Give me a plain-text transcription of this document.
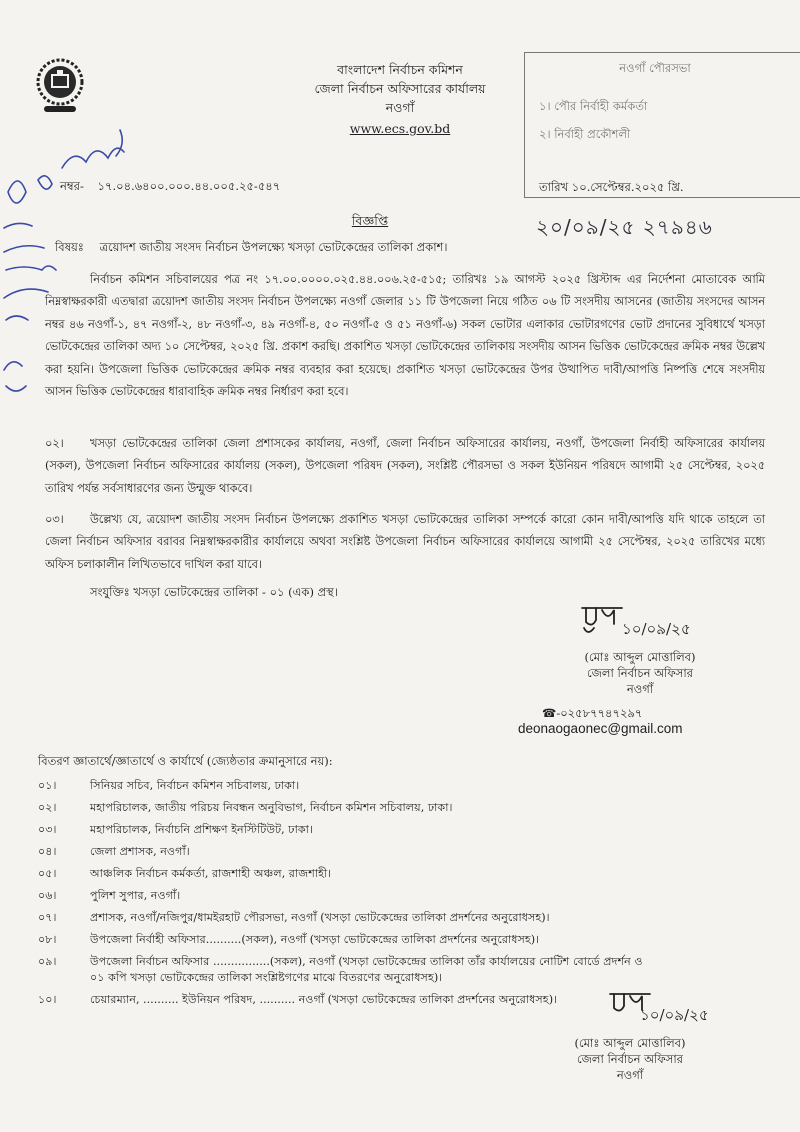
বাংলাদেশ নির্বাচন কমিশন
জেলা নির্বাচন অফিসারের কার্যালয়
নওগাঁ
www.ecs.gov.bd
নওগাঁ পৌরসভা
১। পৌর নির্বাহী কর্মকর্তা
২। নির্বাহী প্রকৌশলী
তারিখ ১০.সেপ্টেম্বর.২০২৫ খ্রি.
২০/০৯/২৫ ২৭৯৪৬
নম্বর- ১৭.০৪.৬৪০০.০০০.৪৪.০০৫.২৫-৫৪৭
বিজ্ঞপ্তি
বিষয়ঃ ত্রয়োদশ জাতীয় সংসদ নির্বাচন উপলক্ষ্যে খসড়া ভোটকেন্দ্রের তালিকা প্রকাশ।
নির্বাচন কমিশন সচিবালয়ের পত্র নং ১৭.০০.০০০০.০২৫.৪৪.০০৬.২৫-৫১৫; তারিখঃ ১৯ আগস্ট ২০২৫ খ্রিস্টাব্দ এর নির্দেশনা মোতাবেক আমি নিম্নস্বাক্ষরকারী এতদ্বারা ত্রয়োদশ জাতীয় সংসদ নির্বাচন উপলক্ষ্যে নওগাঁ জেলার ১১ টি উপজেলা নিয়ে গঠিত ০৬ টি সংসদীয় আসনের (জাতীয় সংসদের আসন নম্বর ৪৬ নওগাঁ-১, ৪৭ নওগাঁ-২, ৪৮ নওগাঁ-৩, ৪৯ নওগাঁ-৪, ৫০ নওগাঁ-৫ ও ৫১ নওগাঁ-৬) সকল ভোটার এলাকার ভোটারগণের ভোট প্রদানের সুবিধার্থে খসড়া ভোটকেন্দ্রের তালিকা অদ্য ১০ সেপ্টেম্বর, ২০২৫ খ্রি. প্রকাশ করছি। প্রকাশিত খসড়া ভোটকেন্দ্রের তালিকায় সংসদীয় আসন ভিত্তিক ভোটকেন্দ্রের ক্রমিক নম্বর উল্লেখ করা হয়নি। উপজেলা ভিত্তিক ভোটকেন্দ্রের ক্রমিক নম্বর ব্যবহার করা হয়েছে। প্রকাশিত খসড়া ভোটকেন্দ্রের উপর উত্থাপিত দাবী/আপত্তি নিষ্পত্তি শেষে সংসদীয় আসন ভিত্তিক ভোটকেন্দ্রের ধারাবাহিক ক্রমিক নম্বর নির্ধারণ করা হবে।
০২। খসড়া ভোটকেন্দ্রের তালিকা জেলা প্রশাসকের কার্যালয়, নওগাঁ, জেলা নির্বাচন অফিসারের কার্যালয়, নওগাঁ, উপজেলা নির্বাহী অফিসারের কার্যালয় (সকল), উপজেলা নির্বাচন অফিসারের কার্যালয় (সকল), উপজেলা পরিষদ (সকল), সংশ্লিষ্ট পৌরসভা ও সকল ইউনিয়ন পরিষদে আগামী ২৫ সেপ্টেম্বর, ২০২৫ তারিখ পর্যন্ত সর্বসাধারণের জন্য উন্মুক্ত থাকবে।
০৩। উল্লেখ্য যে, ত্রয়োদশ জাতীয় সংসদ নির্বাচন উপলক্ষ্যে প্রকাশিত খসড়া ভোটকেন্দ্রের তালিকা সম্পর্কে কারো কোন দাবী/আপত্তি যদি থাকে তাহলে তা জেলা নির্বাচন অফিসার বরাবর নিম্নস্বাক্ষরকারীর কার্যালয়ে অথবা সংশ্লিষ্ট উপজেলা নির্বাচন অফিসারের কার্যালয়ে আগামী ২৫ সেপ্টেম্বর, ২০২৫ তারিখের মধ্যে অফিস চলাকালীন লিখিতভাবে দাখিল করা যাবে।
সংযুক্তিঃ খসড়া ভোটকেন্দ্রের তালিকা - ০১ (এক) প্রস্থ।
১০/০৯/২৫
(মোঃ আব্দুল মোত্তালিব)
জেলা নির্বাচন অফিসার
নওগাঁ
☎-০২৫৮৭৭৪৭২৯৭
deonaogaonec@gmail.com
বিতরণ জ্ঞাতার্থে/জ্ঞাতার্থে ও কার্যার্থে (জ্যেষ্ঠতার ক্রমানুসারে নয়):
০১।	সিনিয়র সচিব, নির্বাচন কমিশন সচিবালয়, ঢাকা।
০২।	মহাপরিচালক, জাতীয় পরিচয় নিবন্ধন অনুবিভাগ, নির্বাচন কমিশন সচিবালয়, ঢাকা।
০৩।	মহাপরিচালক, নির্বাচনি প্রশিক্ষণ ইনস্টিটিউট, ঢাকা।
০৪।	জেলা প্রশাসক, নওগাঁ।
০৫।	আঞ্চলিক নির্বাচন কর্মকর্তা, রাজশাহী অঞ্চল, রাজশাহী।
০৬।	পুলিশ সুপার, নওগাঁ।
০৭।	প্রশাসক, নওগাঁ/নজিপুর/ধামইরহাট পৌরসভা, নওগাঁ (খসড়া ভোটকেন্দ্রের তালিকা প্রদর্শনের অনুরোধসহ)।
০৮।	উপজেলা নির্বাহী অফিসার..........(সকল), নওগাঁ (খসড়া ভোটকেন্দ্রের তালিকা প্রদর্শনের অনুরোধসহ)।
০৯।	উপজেলা নির্বাচন অফিসার ................(সকল), নওগাঁ (খসড়া ভোটকেন্দ্রের তালিকা তাঁর কার্যালয়ের নোটিশ বোর্ডে প্রদর্শন ও ০১ কপি খসড়া ভোটকেন্দ্রের তালিকা সংশ্লিষ্টগণের মাঝে বিতরণের অনুরোধসহ)।
১০।	চেয়ারম্যান, .......... ইউনিয়ন পরিষদ, .......... নওগাঁ (খসড়া ভোটকেন্দ্রের তালিকা প্রদর্শনের অনুরোধসহ)।
১০/০৯/২৫
(মোঃ আব্দুল মোত্তালিব)
জেলা নির্বাচন অফিসার
নওগাঁ
